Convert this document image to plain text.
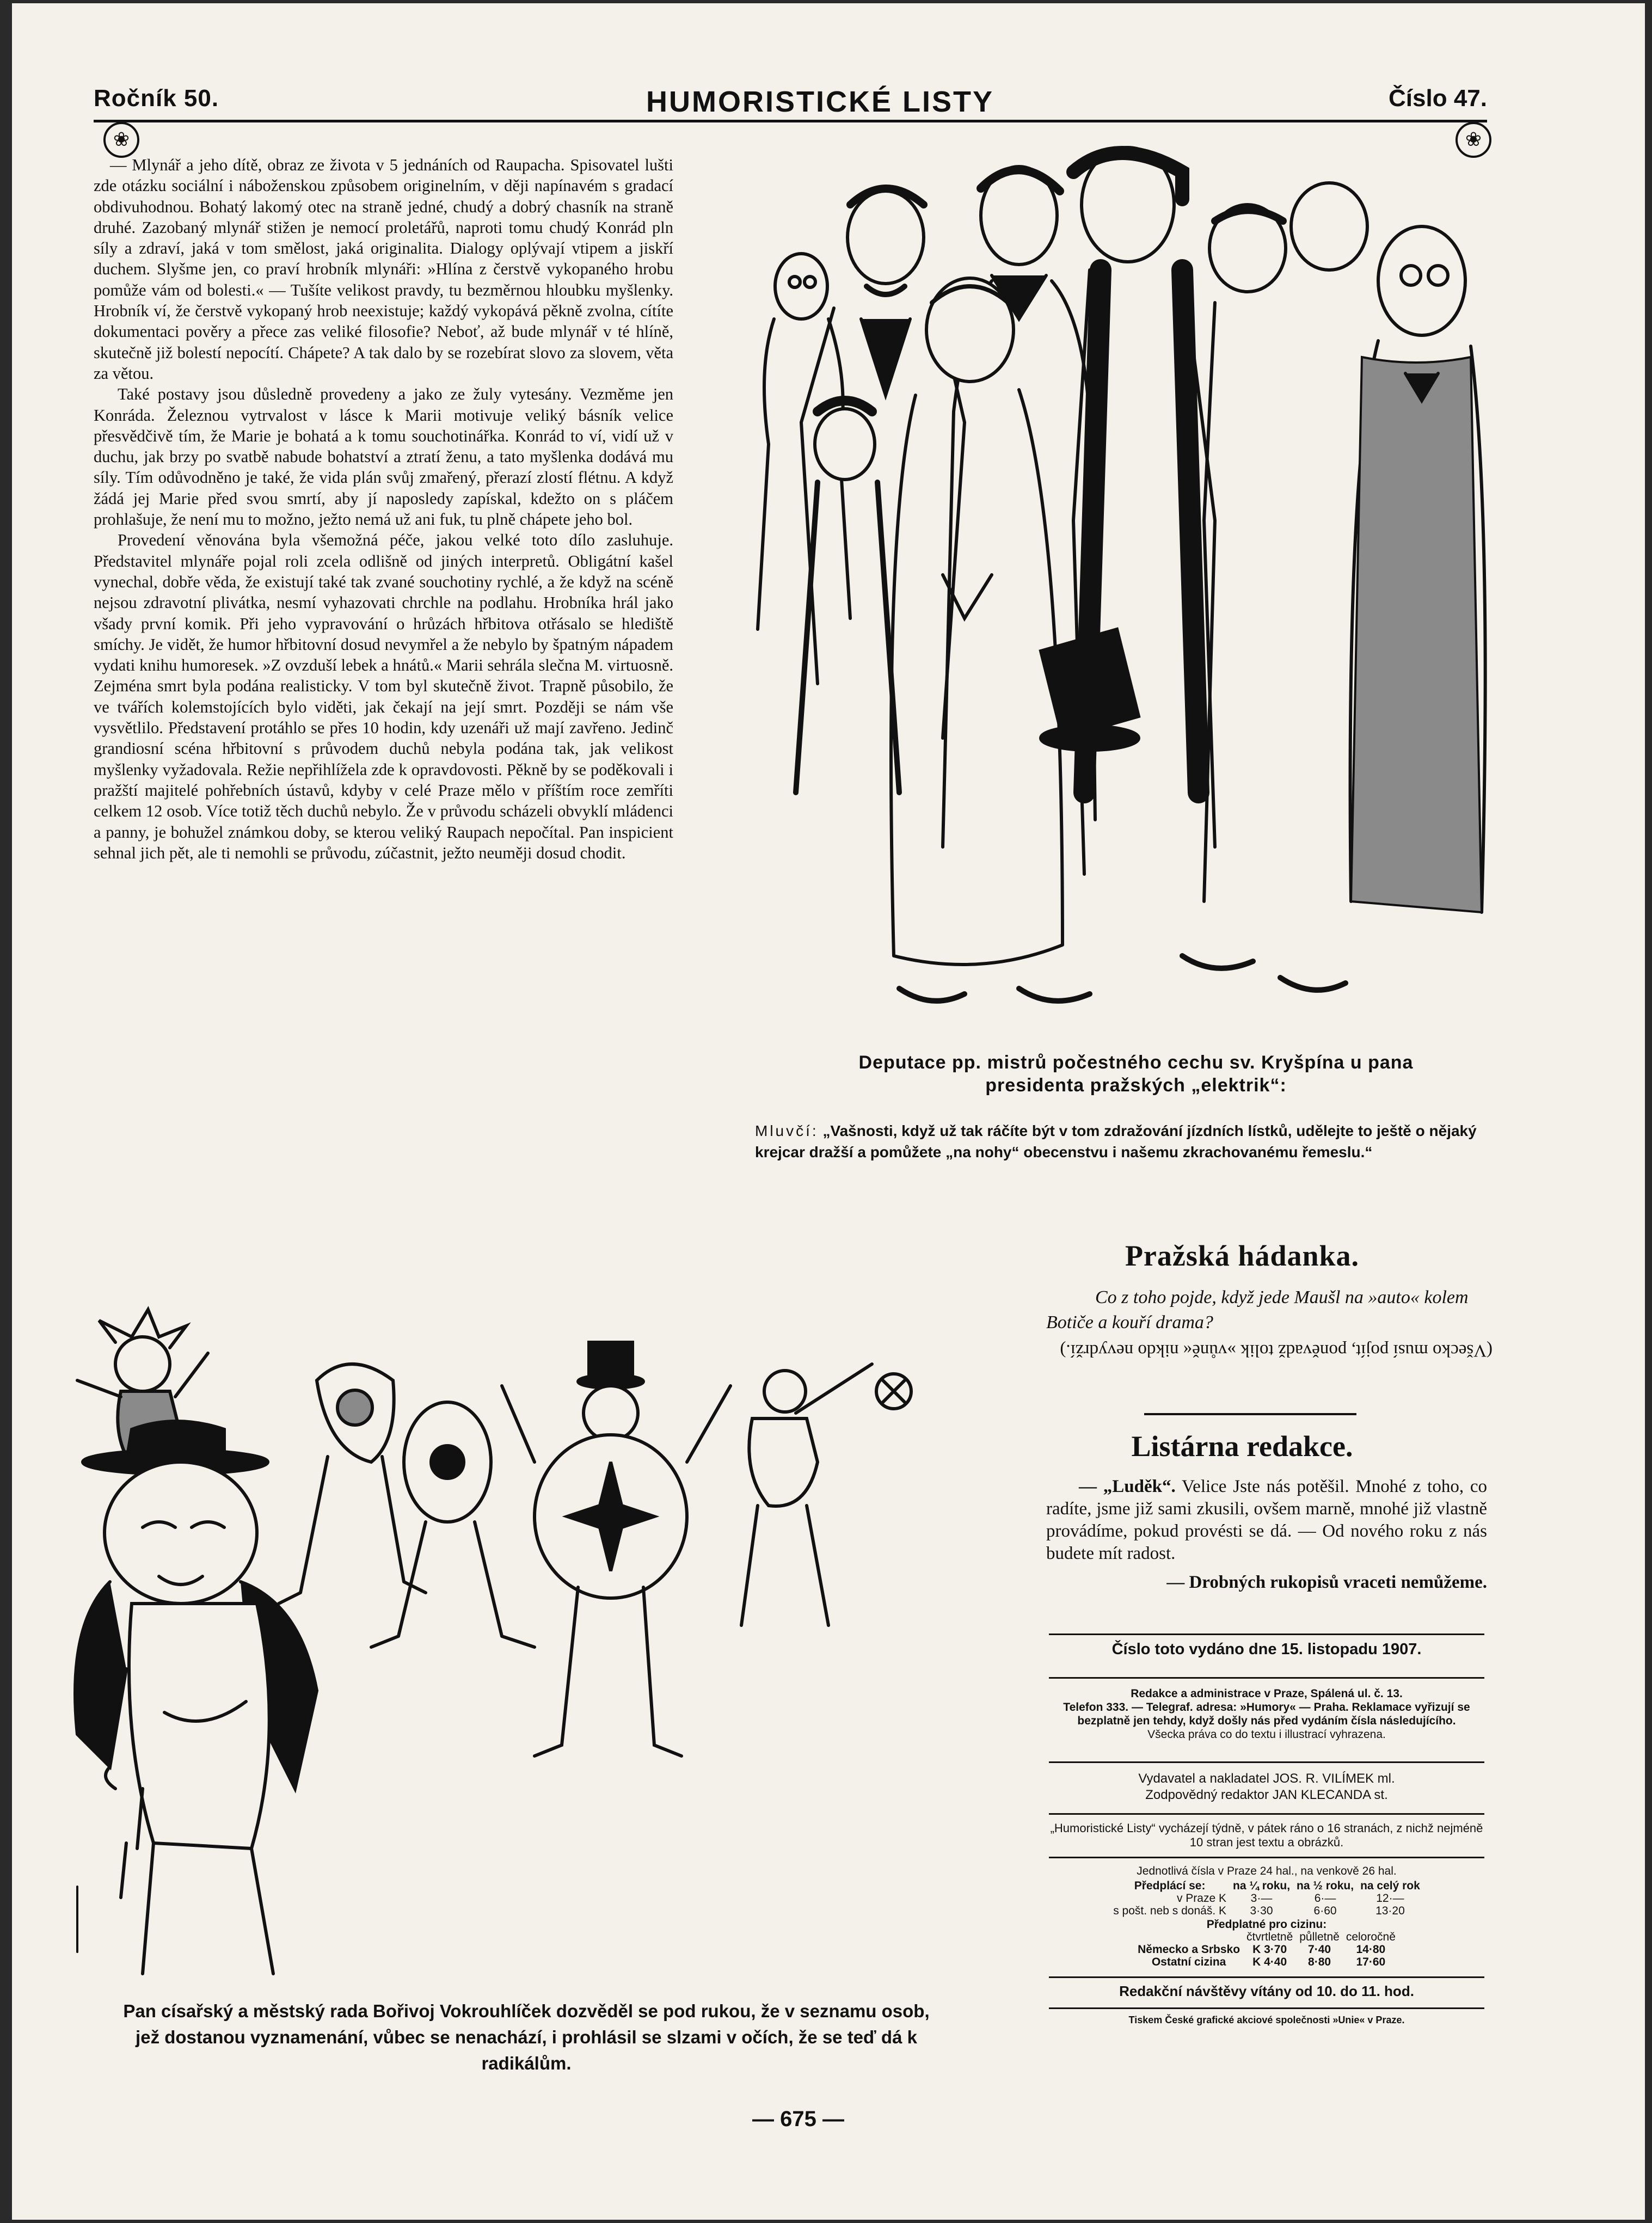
Ročník 50.	HUMORISTICKÉ LISTY	Číslo 47.
❀	❀

— Mlynář a jeho dítě, obraz ze života v 5 jednáních od Raupacha. Spisovatel lušti zde otázku sociální i náboženskou způsobem originelním, v ději napínavém s gradací obdivuhodnou. Bohatý lakomý otec na straně jedné, chudý a dobrý chasník na straně druhé. Zazobaný mlynář stižen je nemocí proletářů, naproti tomu chudý Konrád pln síly a zdraví, jaká v tom smělost, jaká originalita. Dialogy oplývají vtipem a jiskří duchem. Slyšme jen, co praví hrobník mlynáři: »Hlína z čerstvě vykopaného hrobu pomůže vám od bolesti.« — Tušíte velikost pravdy, tu bezměrnou hloubku myšlenky. Hrobník ví, že čerstvě vykopaný hrob neexistuje; každý vykopává pěkně zvolna, cítíte dokumentaci pověry a přece zas veliké filosofie? Neboť, až bude mlynář v té hlíně, skutečně již bolestí nepocítí. Chápete? A tak dalo by se rozebírat slovo za slovem, věta za větou.

Také postavy jsou důsledně provedeny a jako ze žuly vytesány. Vezměme jen Konráda. Železnou vytrvalost v lásce k Marii motivuje veliký básník velice přesvědčivě tím, že Marie je bohatá a k tomu souchotinářka. Konrád to ví, vidí už v duchu, jak brzy po svatbě nabude bohatství a ztratí ženu, a tato myšlenka dodává mu síly. Tím odůvodněno je také, že vida plán svůj zmařený, přerazí zlostí flétnu. A když žádá jej Marie před svou smrtí, aby jí naposledy zapískal, kdežto on s pláčem prohlašuje, že není mu to možno, ježto nemá už ani fuk, tu plně chápete jeho bol.

Provedení věnována byla všemožná péče, jakou velké toto dílo zasluhuje. Představitel mlynáře pojal roli zcela odlišně od jiných interpretů. Obligátní kašel vynechal, dobře věda, že existují také tak zvané souchotiny rychlé, a že když na scéně nejsou zdravotní plivátka, nesmí vyhazovati chrchle na podlahu. Hrobníka hrál jako všady první komik. Při jeho vypravování o hrůzách hřbitova otřásalo se hlediště smíchy. Je vidět, že humor hřbitovní dosud nevymřel a že nebylo by špatným nápadem vydati knihu humoresek. »Z ovzduší lebek a hnátů.« Marii sehrála slečna M. virtuosně. Zejména smrt byla podána realisticky. V tom byl skutečně život. Trapně působilo, že ve tvářích kolemstojících bylo viděti, jak čekají na její smrt. Později se nám vše vysvětlilo. Představení protáhlo se přes 10 hodin, kdy uzenáři už mají zavřeno. Jedinč grandiosní scéna hřbitovní s průvodem duchů nebyla podána tak, jak velikost myšlenky vyžadovala. Režie nepřihlížela zde k opravdovosti. Pěkně by se poděkovali i pražští majitelé pohřebních ústavů, kdyby v celé Praze mělo v příštím roce zemříti celkem 12 osob. Více totiž těch duchů nebylo. Že v průvodu scházeli obvyklí mládenci a panny, je bohužel známkou doby, se kterou veliký Raupach nepočítal. Pan inspicient sehnal jich pět, ale ti nemohli se průvodu, zúčastnit, ježto neuměji dosud chodit.

Deputace pp. mistrů počestného cechu sv. Kryšpína u pana
presidenta pražských „elektrik“:
Mluvčí: „Vašnosti, když už tak ráčíte být v tom zdražování jízdních lístků, udělejte to ještě o nějaký krejcar dražší a pomůžete „na nohy“ obecenstvu i našemu zkrachovanému řemeslu.“
Pražská hádanka.

Co z toho pojde, když jede Maušl na »auto« kolem Botiče a kouří drama?

(Všecko musí pojít, poněvadž tolik »vůně« nikdo nevydrží.)

Listárna redakce.

— „Luděk“. Velice Jste nás potěšil. Mnohé z toho, co radíte, jsme již sami zkusili, ovšem marně, mnohé již vlastně provádíme, pokud provésti se dá. — Od nového roku z nás budete mít radost.

— Drobných rukopisů vraceti nemůžeme.

Číslo toto vydáno dne 15. listopadu 1907.
Redakce a administrace v Praze, Spálená ul. č. 13.
Telefon 333. — Telegraf. adresa: »Humory« — Praha. Reklamace vyřizují se bezplatně jen tehdy, když došly nás před vydáním čísla následujícího.
Všecka práva co do textu i illustrací vyhrazena.
Vydavatel a nakladatel JOS. R. VILÍMEK ml.
Zodpovědný redaktor JAN KLECANDA st.
„Humoristické Listy“ vycházejí týdně, v pátek ráno o 16 stranách, z nichž nejméně 10 stran jest textu a obrázků.
Jednotlivá čísla v Praze 24 hal., na venkově 26 hal.
Předplácí se:	na ¼ roku,	na ½ roku,	na celý rok
v Praze K	3·—	6·—	12·—
s pošt. neb s donáš. K	3·30	6·60	13·20
Předplatné pro cizinu:
	čtvrtletně	půlletně	celoročně
Německo a Srbsko	K 3·70	7·40	14·80
Ostatní cizina	K 4·40	8·80	17·60
Redakční návštěvy vítány od 10. do 11. hod.
Tiskem České grafické akciové společnosti »Unie« v Praze.
Pan císařský a městský rada Bořivoj Vokrouhlíček dozvěděl se pod rukou, že v seznamu osob, jež dostanou vyznamenání, vůbec se nenachází, i prohlásil se slzami v očích, že se teď dá k radikálům.
— 675 —
